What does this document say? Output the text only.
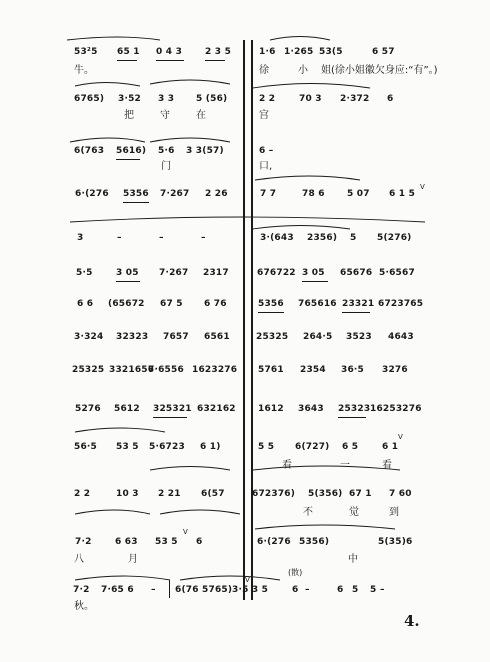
53²5 65 1 0 4 3	2 3 5	1·6 1·265 53(5	6 57
牛。	徐	小 姐(徐小姐徽欠身应:“有”。)
6765) 3·52 3 3 5 (56)	2 2	70 3 2·372 6
把	守	在	宫
6(763 5616) 5·6 3 3(57)	6 –
门	口,
6·(276 5356 7·267 2 26	7 7	78 6 5 07 6 1 5
V
3	–	–	–	3·(643 2356) 5 5(276)
5·5	3 05 7·267 2317	676722 3 05 65676 5·6567
6 6 (65672 67 5 6 76	5356 765616 23321 6723765
3·324 32323 7657 6561	25325 264·5 3523 4643
25325 3321656
7·6556 1623276 5761 2354 36·5 3276
5276 5612 325321 632162 1612 3643 25323 16253276
56·5 53 5 5·6723 6 1)	5 5 6(727) 6 5	6 1
V
看	一	看
2 2	10 3 2 21 6(57	672376) 5(356) 67 1 7 60
不	觉	到
7·2	6 63 53 5 6
V
6·(276 5356)	5(35)6
八	月	中
(散)
7·2 7·65 6 – 6(76 5765) 3·5 3 5
V
6 –	6 5 5 –
秋。
4.
